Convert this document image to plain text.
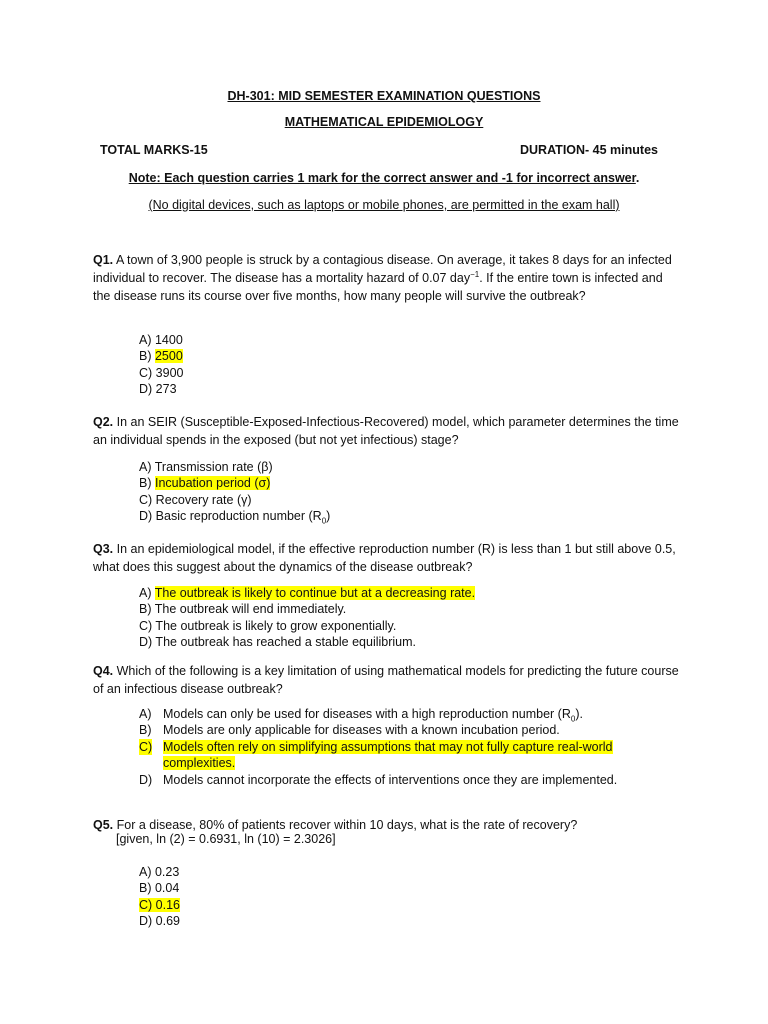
DH-301: MID SEMESTER EXAMINATION QUESTIONS
MATHEMATICAL EPIDEMIOLOGY
TOTAL MARKS-15	DURATION- 45 minutes
Note: Each question carries 1 mark for the correct answer and -1 for incorrect answer.
(No digital devices, such as laptops or mobile phones, are permitted in the exam hall)
Q1. A town of 3,900 people is struck by a contagious disease. On average, it takes 8 days for an infected individual to recover. The disease has a mortality hazard of 0.07 day$^{-1}$. If the entire town is infected and the disease runs its course over five months, how many people will survive the outbreak?
A) 1400
B) 2500
C) 3900
D) 273
Q2. In an SEIR (Susceptible-Exposed-Infectious-Recovered) model, which parameter determines the time an individual spends in the exposed (but not yet infectious) stage?
A) Transmission rate (β)
B) Incubation period (σ)
C) Recovery rate (γ)
D) Basic reproduction number $(R_0)$
Q3. In an epidemiological model, if the effective reproduction number (R) is less than 1 but still above 0.5, what does this suggest about the dynamics of the disease outbreak?
A) The outbreak is likely to continue but at a decreasing rate.
B) The outbreak will end immediately.
C) The outbreak is likely to grow exponentially.
D) The outbreak has reached a stable equilibrium.
Q4. Which of the following is a key limitation of using mathematical models for predicting the future course of an infectious disease outbreak?
A) Models can only be used for diseases with a high reproduction number $(R_0)$.
B) Models are only applicable for diseases with a known incubation period.
C) Models often rely on simplifying assumptions that may not fully capture real-world
complexities.
D) Models cannot incorporate the effects of interventions once they are implemented.
Q5. For a disease, 80% of patients recover within 10 days, what is the rate of recovery?
[given, ln (2) = 0.6931, ln (10) = 2.3026]
A) 0.23
B) 0.04
C) 0.16
D) 0.69
